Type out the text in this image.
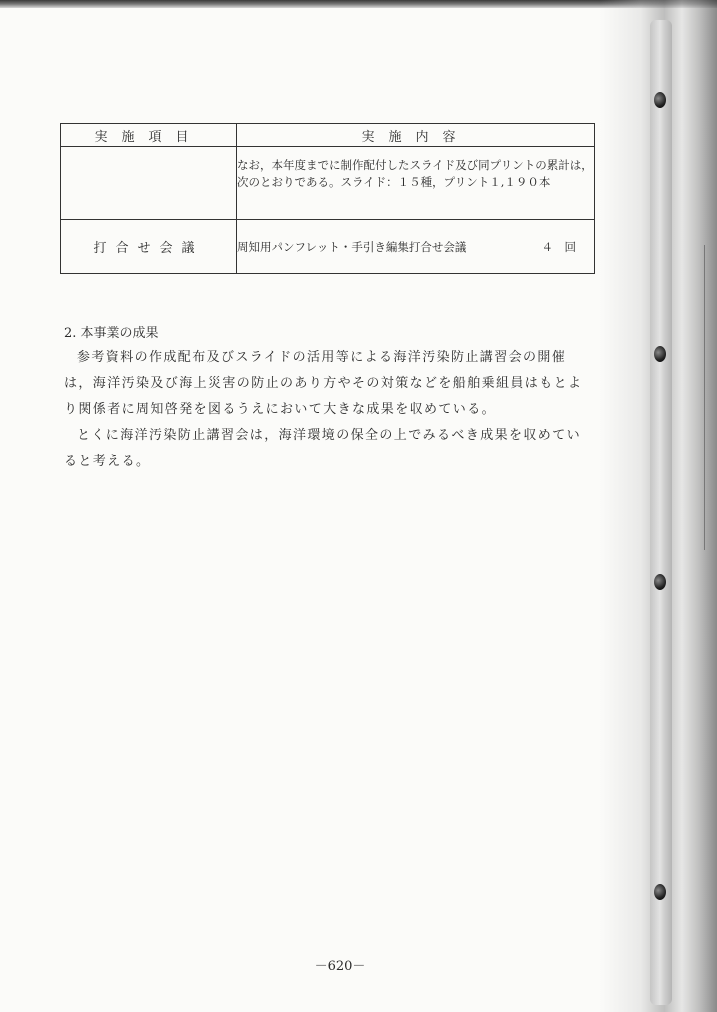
実施項目	実施内容
	なお，本年度までに制作配付したスライド及び同プリントの累計は，次のとおりである。スライド：１５種，プリント１,１９０本
打合せ会議	周知用パンフレット・手引き編集打合せ会議 ４　回

2. 本事業の成果

参考資料の作成配布及びスライドの活用等による海洋汚染防止講習会の開催は，海洋汚染及び海上災害の防止のあり方やその対策などを船舶乗組員はもとより関係者に周知啓発を図るうえにおいて大きな成果を収めている。

とくに海洋汚染防止講習会は，海洋環境の保全の上でみるべき成果を収めていると考える。

－620－
